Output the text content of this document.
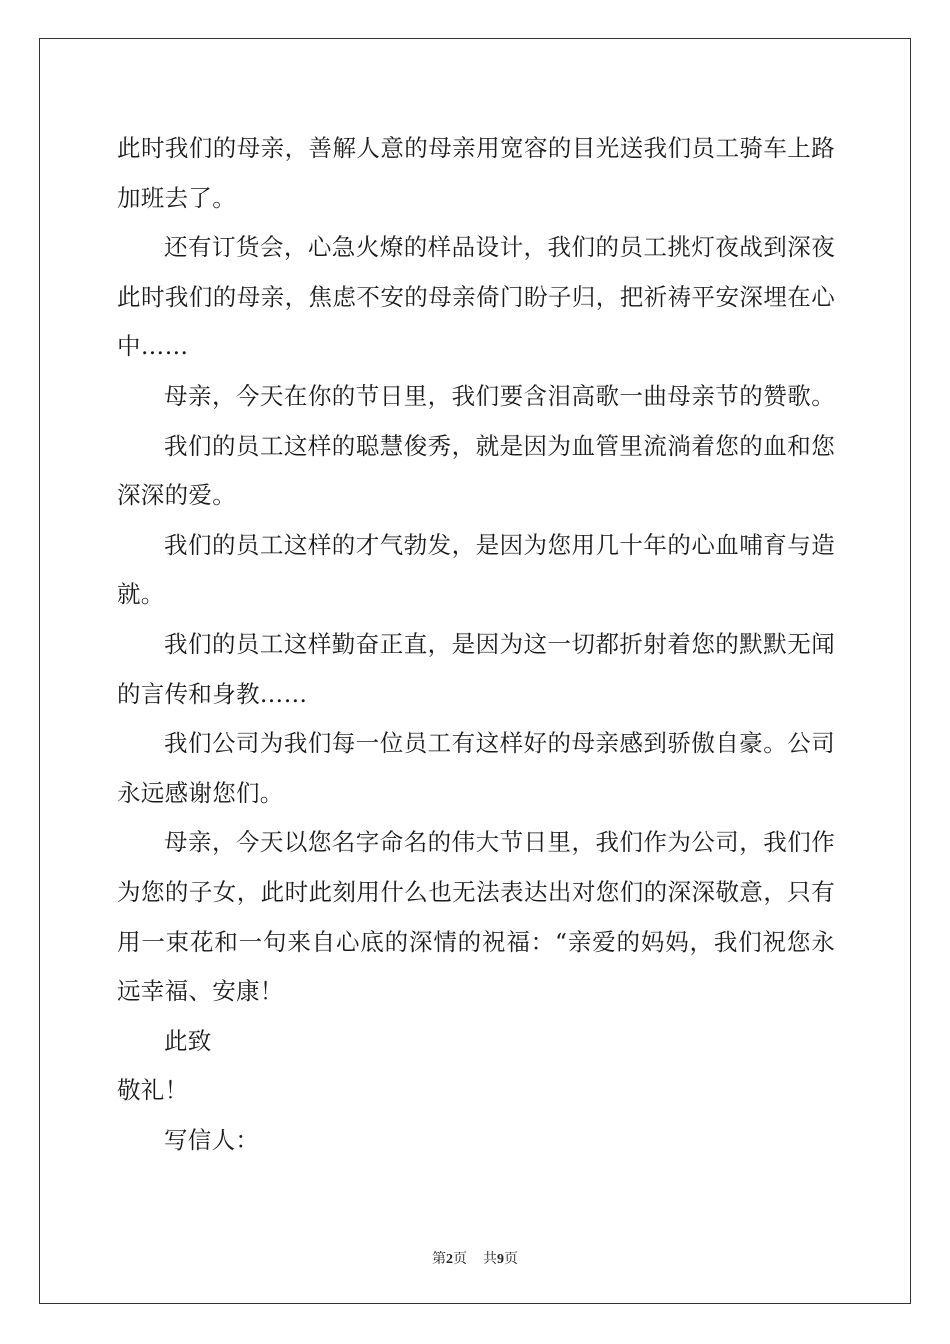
此时我们的母亲，善解人意的母亲用宽容的目光送我们员工骑车上路
加班去了。
还有订货会，心急火燎的样品设计，我们的员工挑灯夜战到深夜
此时我们的母亲，焦虑不安的母亲倚门盼子归，把祈祷平安深埋在心
中……
母亲，今天在你的节日里，我们要含泪高歌一曲母亲节的赞歌。
我们的员工这样的聪慧俊秀，就是因为血管里流淌着您的血和您
深深的爱。
我们的员工这样的才气勃发，是因为您用几十年的心血哺育与造
就。
我们的员工这样勤奋正直，是因为这一切都折射着您的默默无闻
的言传和身教……
我们公司为我们每一位员工有这样好的母亲感到骄傲自豪。公司
永远感谢您们。
母亲，今天以您名字命名的伟大节日里，我们作为公司，我们作
为您的子女，此时此刻用什么也无法表达出对您们的深深敬意，只有
用一束花和一句来自心底的深情的祝福：“亲爱的妈妈，我们祝您永
远幸福、安康！
此致
敬礼！
写信人：
第2页 共9页
